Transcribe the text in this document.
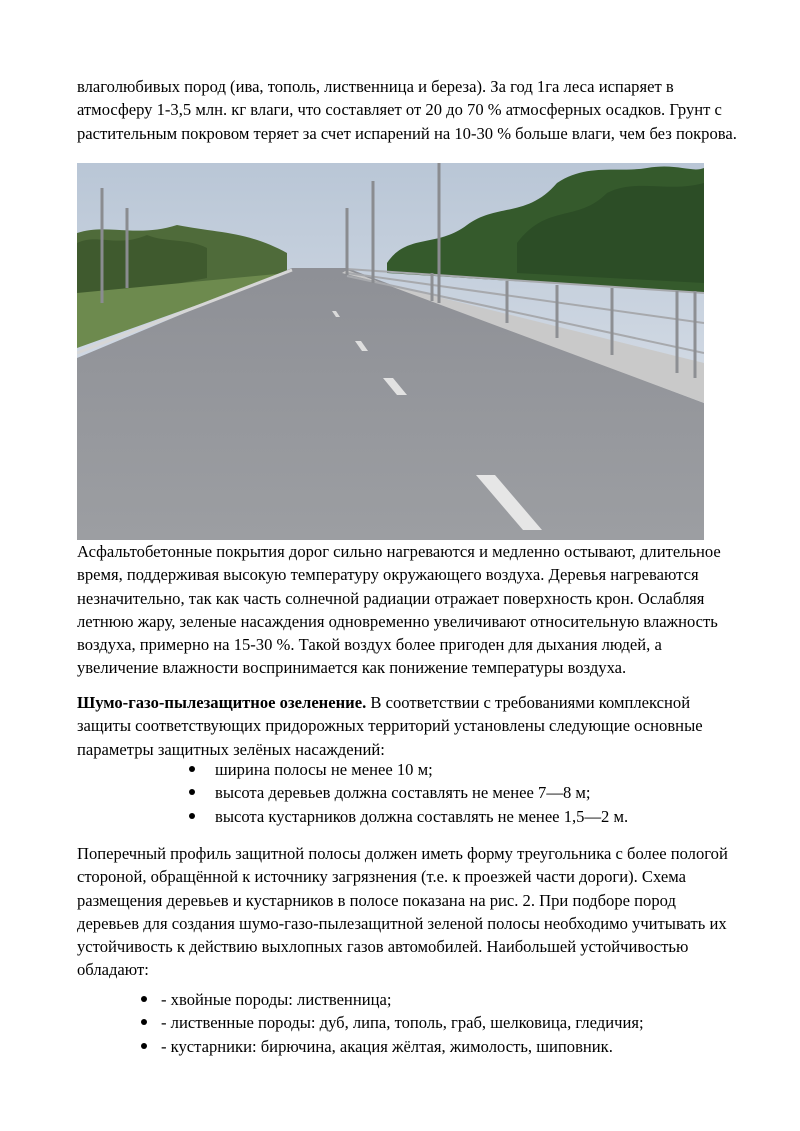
влаголюбивых пород (ива, тополь, лиственница и береза). За год 1га леса испаряет в атмосферу 1-3,5 млн. кг влаги, что составляет от 20 до 70 % атмосферных осадков. Грунт с растительным покровом теряет за счет испарений на 10-30 % больше влаги, чем без покрова.

Асфальтобетонные покрытия дорог сильно нагреваются и медленно остывают, длительное время, поддерживая высокую температуру окружающего воздуха. Деревья нагреваются незначительно, так как часть солнечной радиации отражает поверхность крон. Ослабляя летнюю жару, зеленые насаждения одновременно увеличивают относительную влажность воздуха, примерно на 15-30 %. Такой воздух более пригоден для дыхания людей, а увеличение влажности воспринимается как понижение температуры воздуха.

Шумо-газо-пылезащитное озеленение. В соответствии с требованиями комплексной защиты соответствующих придорожных территорий установлены следующие основные параметры защитных зелёных насаждений:

ширина полосы не менее 10 м;
высота деревьев должна составлять не менее 7—8 м;
высота кустарников должна составлять не менее 1,5—2 м.

Поперечный профиль защитной полосы должен иметь форму треугольника с более пологой стороной, обращённой к источнику загрязнения (т.е. к проезжей части дороги). Схема размещения деревьев и кустарников в полосе показана на рис. 2. При подборе пород деревьев для создания шумо-газо-пылезащитной зеленой полосы необходимо учитывать их устойчивость к действию выхлопных газов автомобилей. Наибольшей устойчивостью обладают:

- хвойные породы: лиственница;
- лиственные породы: дуб, липа, тополь, граб, шелковица, гледичия;
- кустарники: бирючина, акация жёлтая, жимолость, шиповник.
